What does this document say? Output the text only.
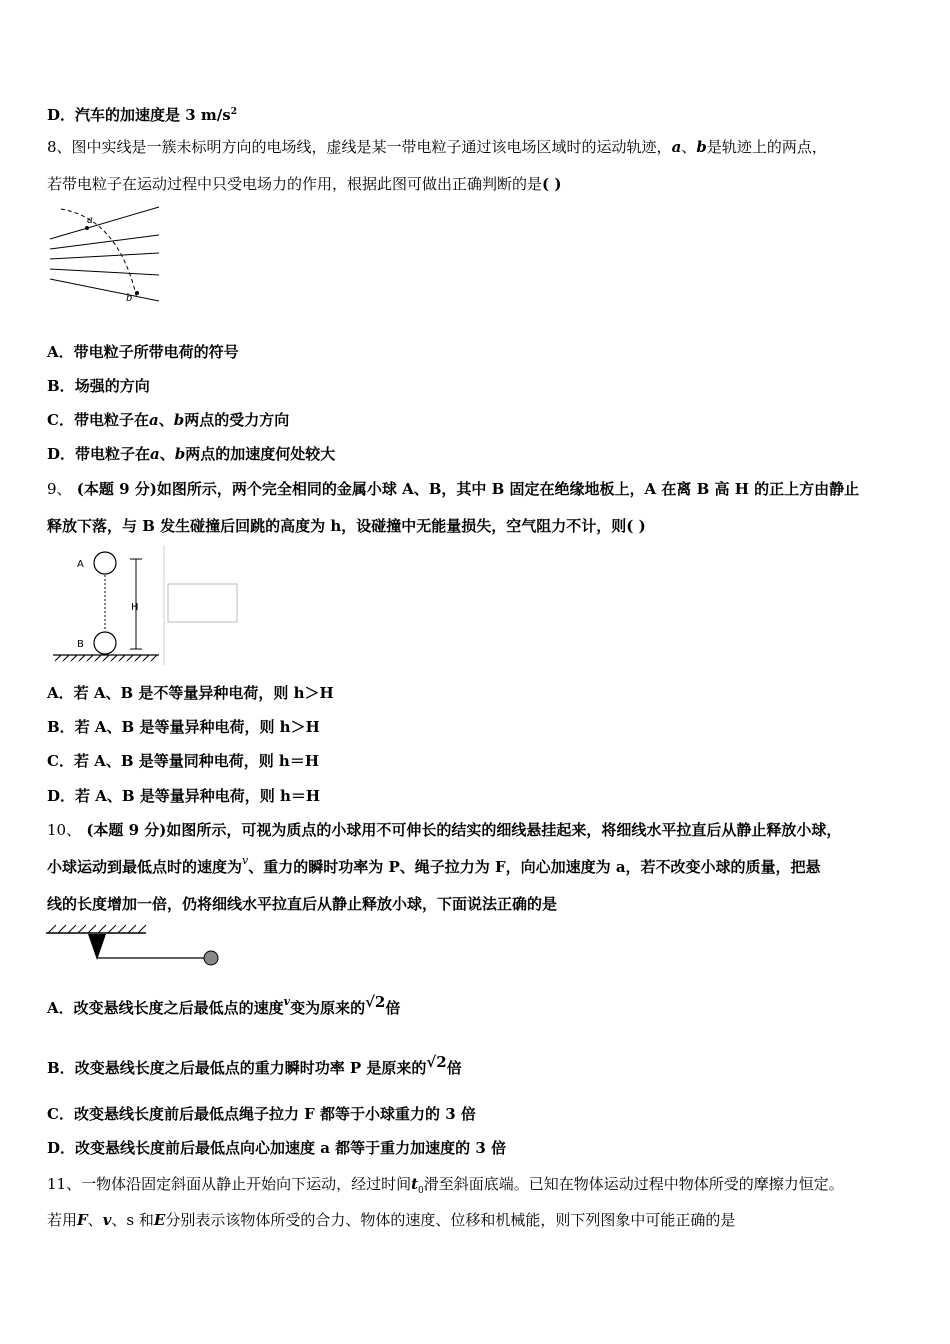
D．汽车的加速度是 3 $m/s^2$
8、图中实线是一簇未标明方向的电场线，虚线是某一带电粒子通过该电场区域时的运动轨迹，a、b是轨迹上的两点，
若带电粒子在运动过程中只受电场力的作用，根据此图可做出正确判断的是( )
a
b
A．带电粒子所带电荷的符号
B．场强的方向
C．带电粒子在a、b两点的受力方向
D．带电粒子在a、b两点的加速度何处较大
9、 (本题 9 分)如图所示，两个完全相同的金属小球 A、B，其中 B 固定在绝缘地板上，A 在离 B 高 H 的正上方由静止
释放下落，与 B 发生碰撞后回跳的高度为 h，设碰撞中无能量损失，空气阻力不计，则( )
H
A
B
A．若 A、B 是不等量异种电荷，则 h＞H
B．若 A、B 是等量异种电荷，则 h＞H
C．若 A、B 是等量同种电荷，则 h＝H
D．若 A、B 是等量异种电荷，则 h＝H
10、 (本题 9 分)如图所示，可视为质点的小球用不可伸长的结实的细线悬挂起来，将细线水平拉直后从静止释放小球，
小球运动到最低点时的速度为$^v$、重力的瞬时功率为 P、绳子拉力为 F，向心加速度为 a，若不改变小球的质量，把悬
线的长度增加一倍，仍将细线水平拉直后从静止释放小球，下面说法正确的是
A．改变悬线长度之后最低点的速度$^v$变为原来的√2倍
B．改变悬线长度之后最低点的重力瞬时功率 P 是原来的√2倍
C．改变悬线长度前后最低点绳子拉力 F 都等于小球重力的 3 倍
D．改变悬线长度前后最低点向心加速度 a 都等于重力加速度的 3 倍
11、一物体沿固定斜面从静止开始向下运动，经过时间$t_0$滑至斜面底端。已知在物体运动过程中物体所受的摩擦力恒定。
若用F、v、s 和E分别表示该物体所受的合力、物体的速度、位移和机械能，则下列图象中可能正确的是
